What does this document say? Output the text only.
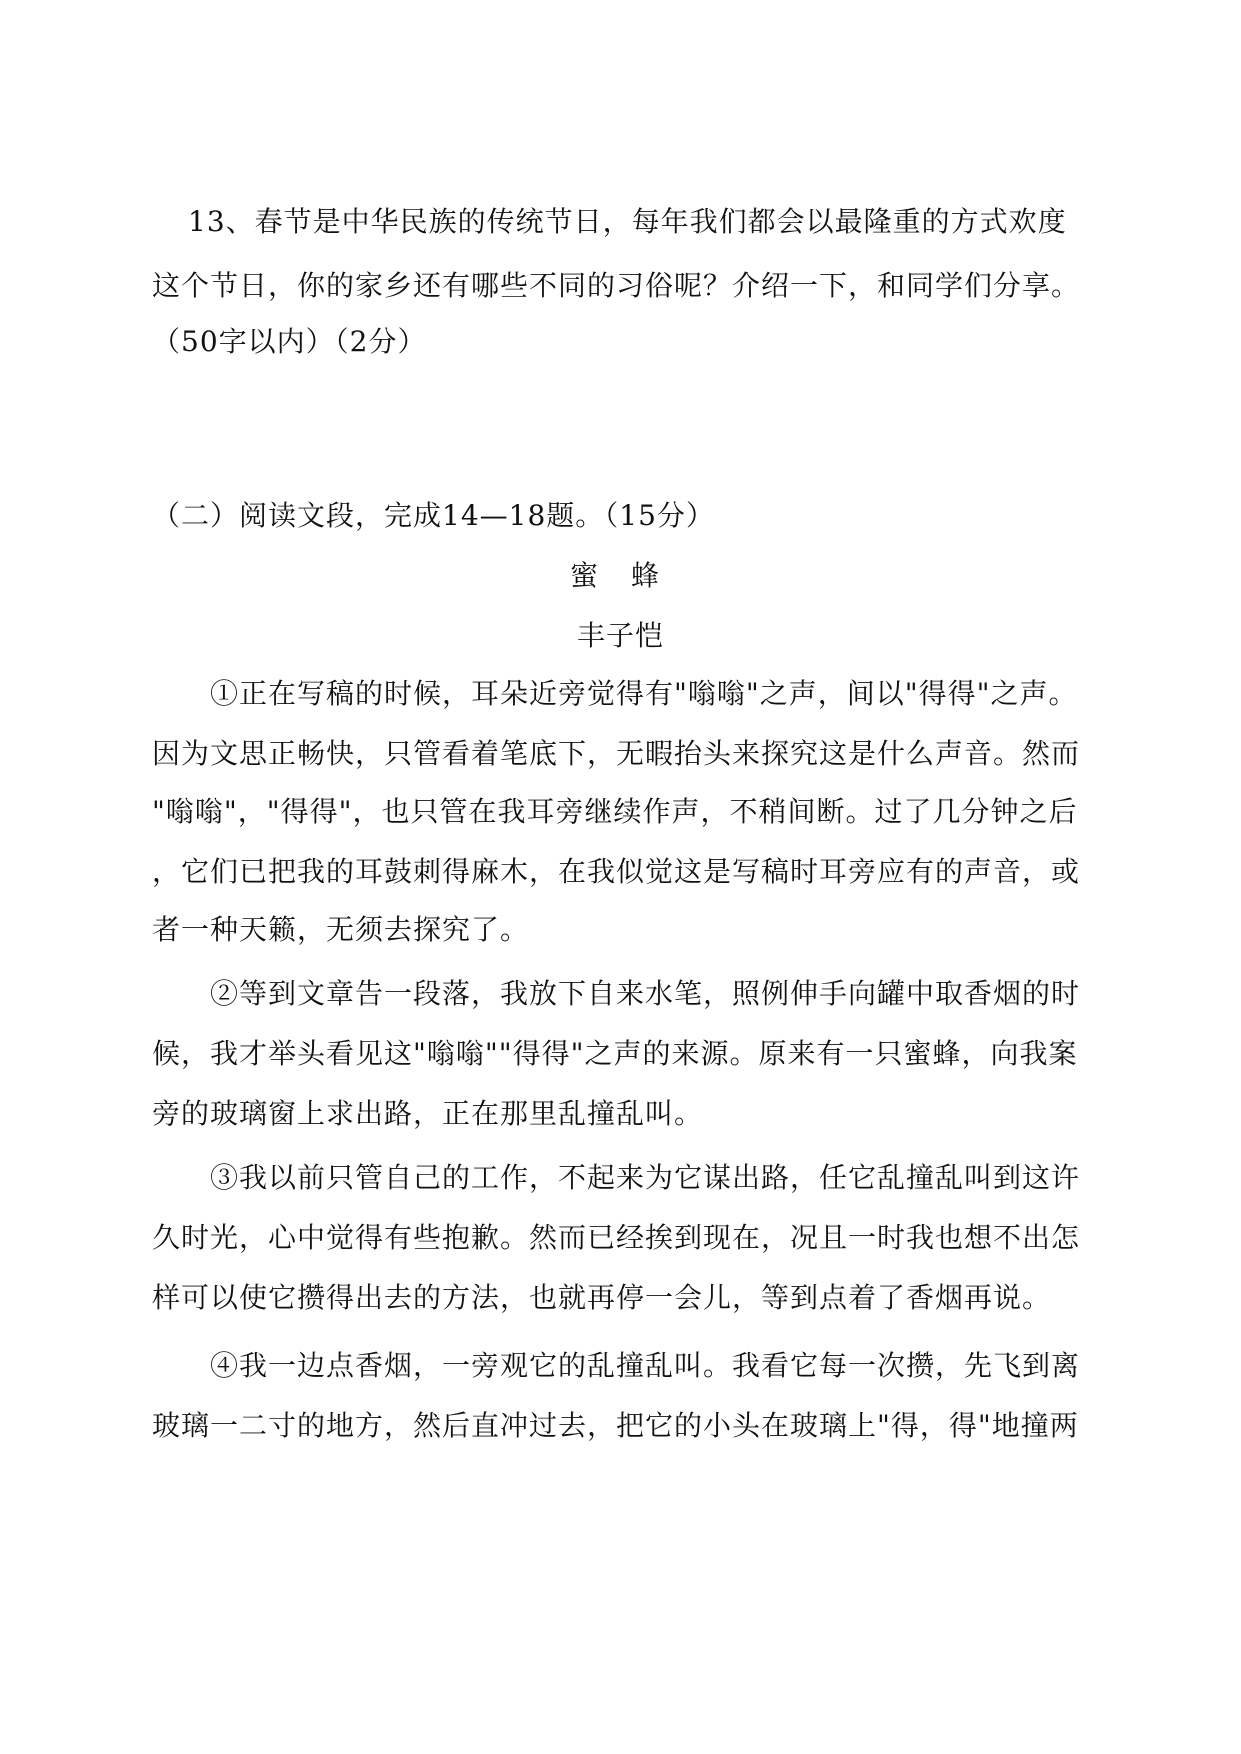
13、春节是中华民族的传统节日，每年我们都会以最隆重的方式欢度
这个节日，你的家乡还有哪些不同的习俗呢？介绍一下，和同学们分享。
（50字以内）（2分）
（二）阅读文段，完成14—18题。（15分）
蜜 蜂
丰子恺
①正在写稿的时候，耳朵近旁觉得有"嗡嗡"之声，间以"得得"之声。
因为文思正畅快，只管看着笔底下，无暇抬头来探究这是什么声音。然而
"嗡嗡"，"得得"，也只管在我耳旁继续作声，不稍间断。过了几分钟之后
，它们已把我的耳鼓刺得麻木，在我似觉这是写稿时耳旁应有的声音，或
者一种天籁，无须去探究了。
②等到文章告一段落，我放下自来水笔，照例伸手向罐中取香烟的时
候，我才举头看见这"嗡嗡""得得"之声的来源。原来有一只蜜蜂，向我案
旁的玻璃窗上求出路，正在那里乱撞乱叫。
③我以前只管自己的工作，不起来为它谋出路，任它乱撞乱叫到这许
久时光，心中觉得有些抱歉。然而已经挨到现在，况且一时我也想不出怎
样可以使它攒得出去的方法，也就再停一会儿，等到点着了香烟再说。
④我一边点香烟，一旁观它的乱撞乱叫。我看它每一次攒，先飞到离
玻璃一二寸的地方，然后直冲过去，把它的小头在玻璃上"得，得"地撞两
